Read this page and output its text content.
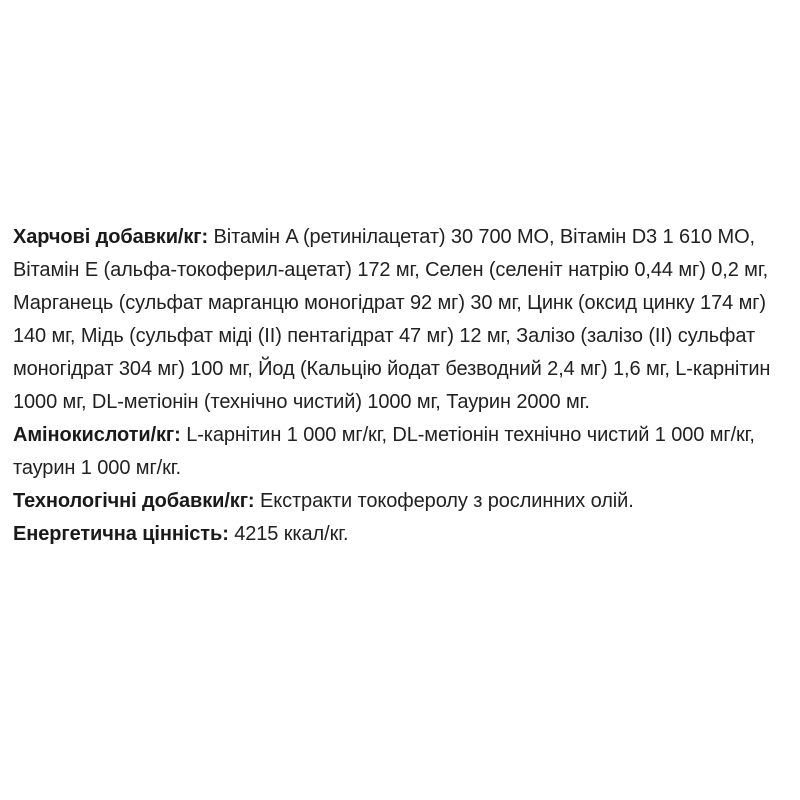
Харчові добавки/кг: Вітамін A (ретинілацетат) 30 700 МО, Вітамін D3 1 610 МО, Вітамін E (альфа-токоферил-ацетат) 172 мг, Селен (селеніт натрію 0,44 мг) 0,2 мг, Марганець (сульфат марганцю моногідрат 92 мг) 30 мг, Цинк (оксид цинку 174 мг) 140 мг, Мідь (сульфат міді (II) пентагідрат 47 мг) 12 мг, Залізо (залізо (II) сульфат моногідрат 304 мг) 100 мг, Йод (Кальцію йодат безводний 2,4 мг) 1,6 мг, L-карнітин 1000 мг, DL-метіонін (технічно чистий) 1000 мг, Таурин 2000 мг.

Амінокислоти/кг: L-карнітин 1 000 мг/кг, DL-метіонін технічно чистий 1 000 мг/кг, таурин 1 000 мг/кг.

Технологічні добавки/кг: Екстракти токоферолу з рослинних олій.

Енергетична цінність: 4215 ккал/кг.
